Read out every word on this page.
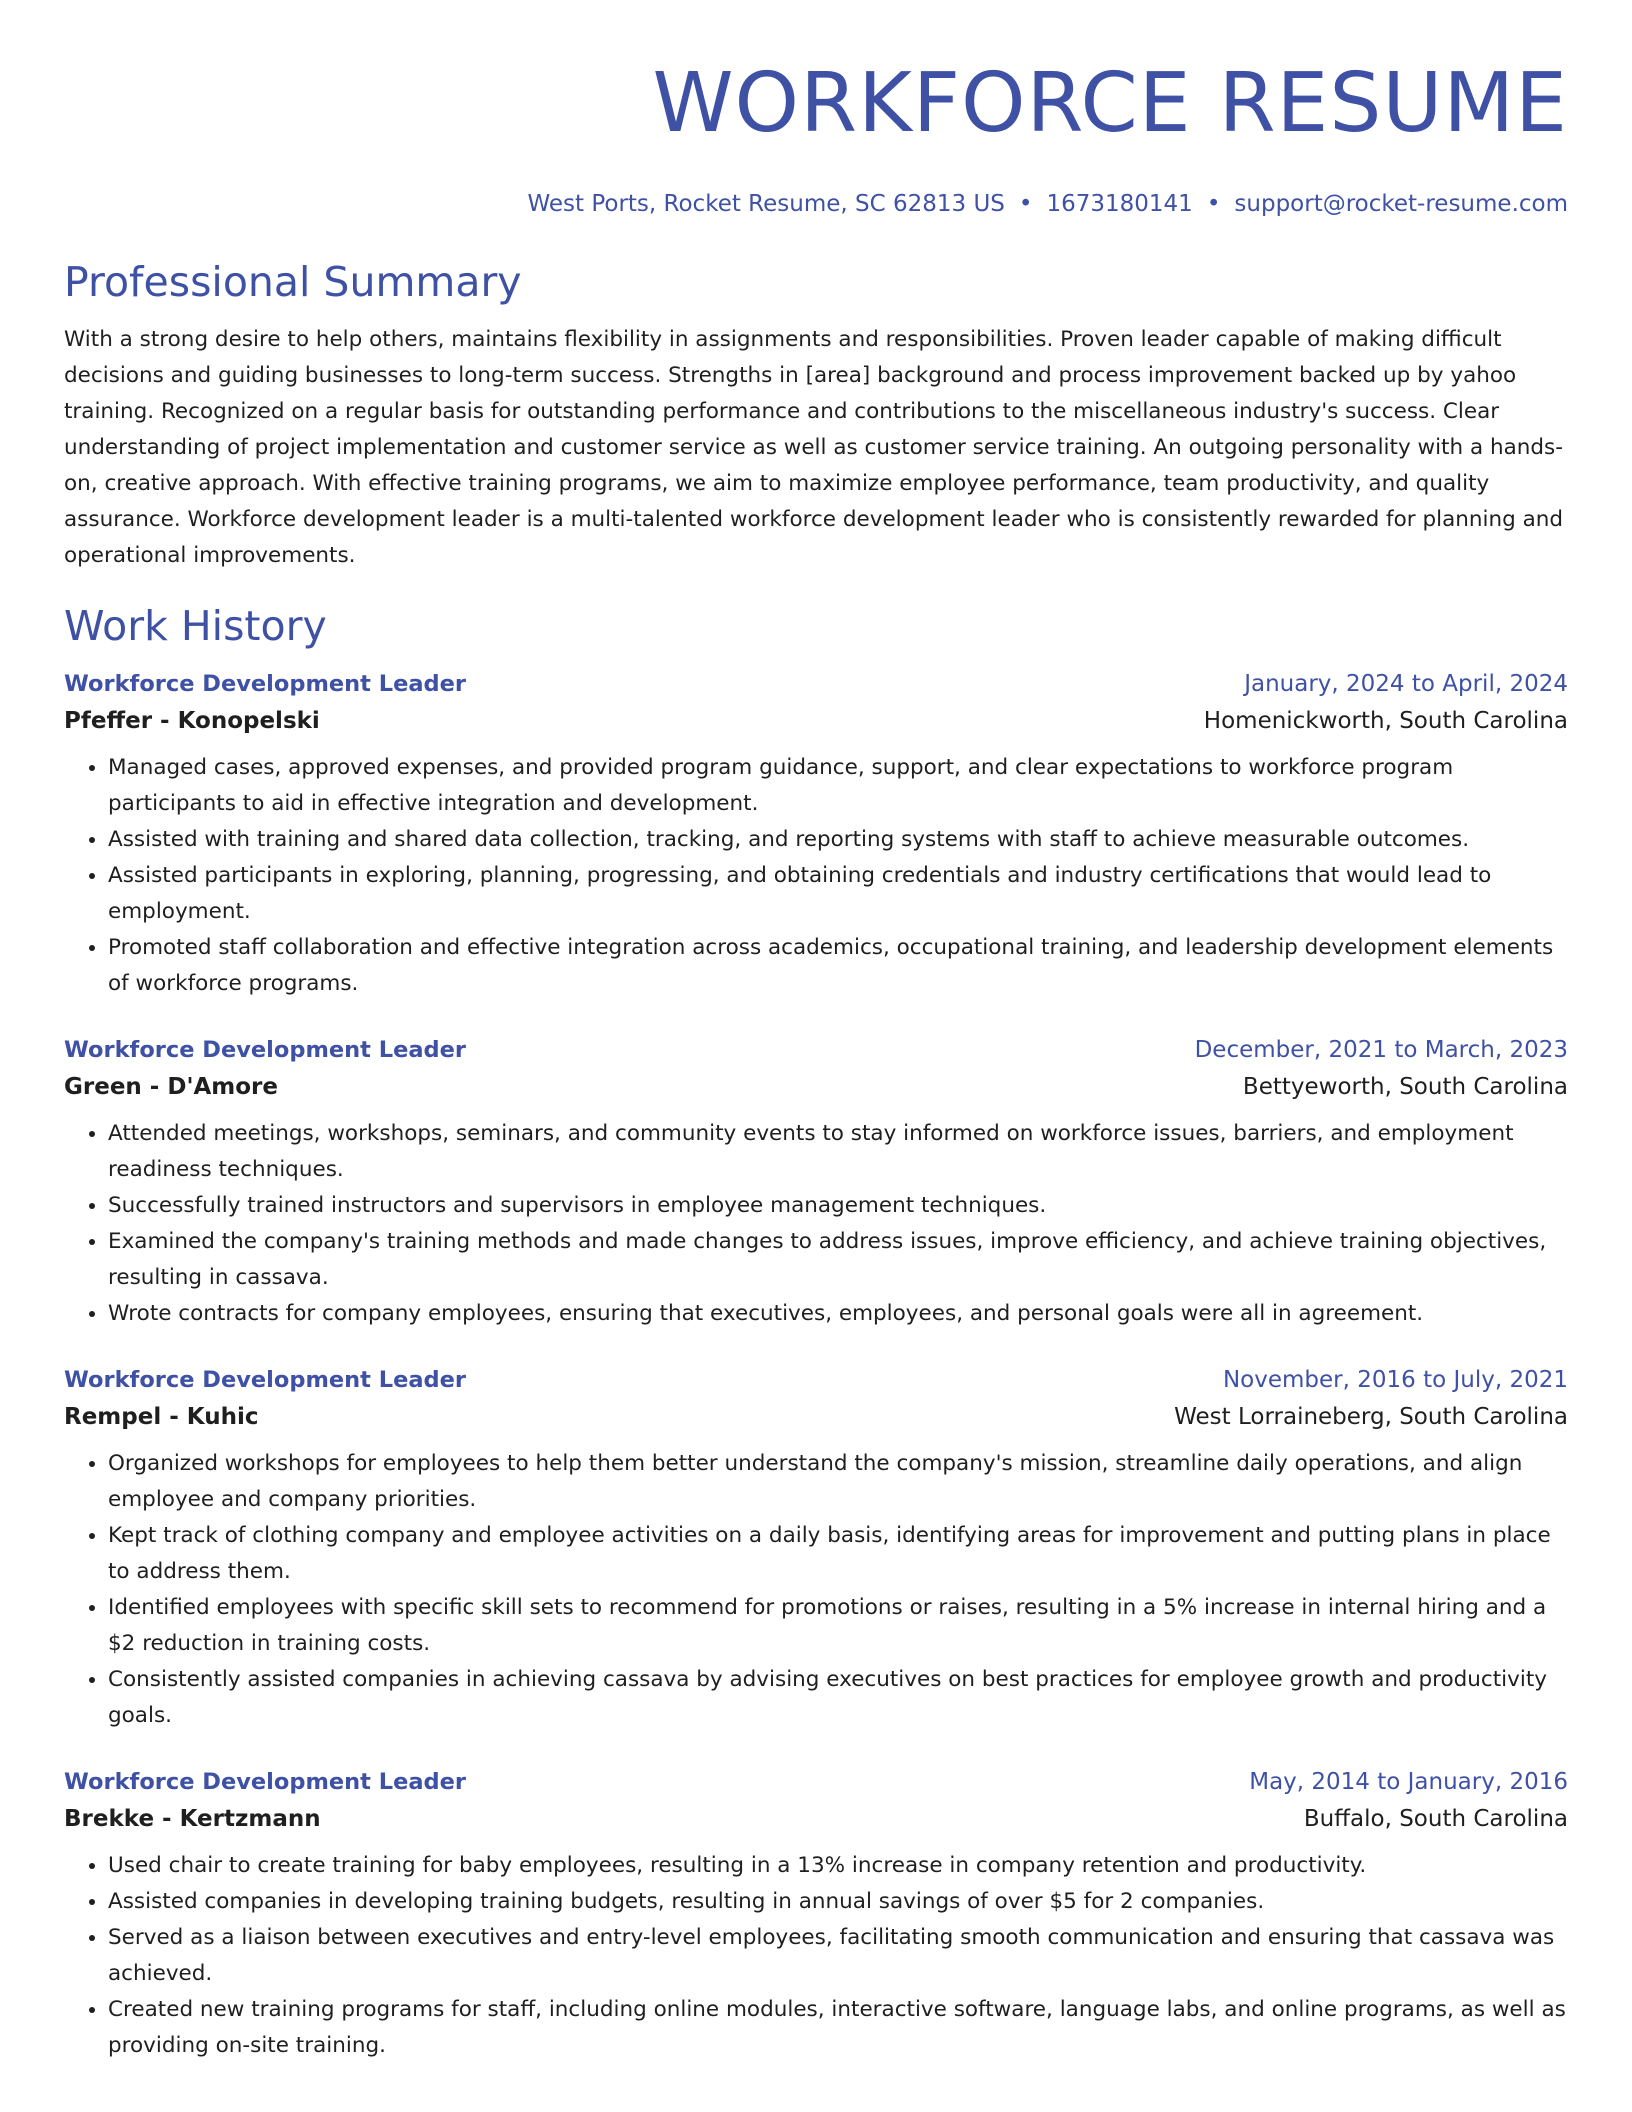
WORKFORCE RESUME
West Ports, Rocket Resume, SC 62813 US • 1673180141 • support@rocket-resume.com
Professional Summary
With a strong desire to help others, maintains flexibility in assignments and responsibilities. Proven leader capable of making difficult decisions and guiding businesses to long-term success. Strengths in [area] background and process improvement backed up by yahoo training. Recognized on a regular basis for outstanding performance and contributions to the miscellaneous industry's success. Clear understanding of project implementation and customer service as well as customer service training. An outgoing personality with a hands-on, creative approach. With effective training programs, we aim to maximize employee performance, team productivity, and quality assurance. Workforce development leader is a multi-talented workforce development leader who is consistently rewarded for planning and operational improvements.
Work History
Workforce Development Leader	January, 2024 to April, 2024
Pfeffer - Konopelski	Homenickworth, South Carolina
• Managed cases, approved expenses, and provided program guidance, support, and clear expectations to workforce program participants to aid in effective integration and development.
• Assisted with training and shared data collection, tracking, and reporting systems with staff to achieve measurable outcomes.
• Assisted participants in exploring, planning, progressing, and obtaining credentials and industry certifications that would lead to employment.
• Promoted staff collaboration and effective integration across academics, occupational training, and leadership development elements of workforce programs.
Workforce Development Leader	December, 2021 to March, 2023
Green - D'Amore	Bettyeworth, South Carolina
• Attended meetings, workshops, seminars, and community events to stay informed on workforce issues, barriers, and employment readiness techniques.
• Successfully trained instructors and supervisors in employee management techniques.
• Examined the company's training methods and made changes to address issues, improve efficiency, and achieve training objectives, resulting in cassava.
• Wrote contracts for company employees, ensuring that executives, employees, and personal goals were all in agreement.
Workforce Development Leader	November, 2016 to July, 2021
Rempel - Kuhic	West Lorraineberg, South Carolina
• Organized workshops for employees to help them better understand the company's mission, streamline daily operations, and align employee and company priorities.
• Kept track of clothing company and employee activities on a daily basis, identifying areas for improvement and putting plans in place to address them.
• Identified employees with specific skill sets to recommend for promotions or raises, resulting in a 5% increase in internal hiring and a $2 reduction in training costs.
• Consistently assisted companies in achieving cassava by advising executives on best practices for employee growth and productivity goals.
Workforce Development Leader	May, 2014 to January, 2016
Brekke - Kertzmann	Buffalo, South Carolina
• Used chair to create training for baby employees, resulting in a 13% increase in company retention and productivity.
• Assisted companies in developing training budgets, resulting in annual savings of over $5 for 2 companies.
• Served as a liaison between executives and entry-level employees, facilitating smooth communication and ensuring that cassava was achieved.
• Created new training programs for staff, including online modules, interactive software, language labs, and online programs, as well as providing on-site training.
